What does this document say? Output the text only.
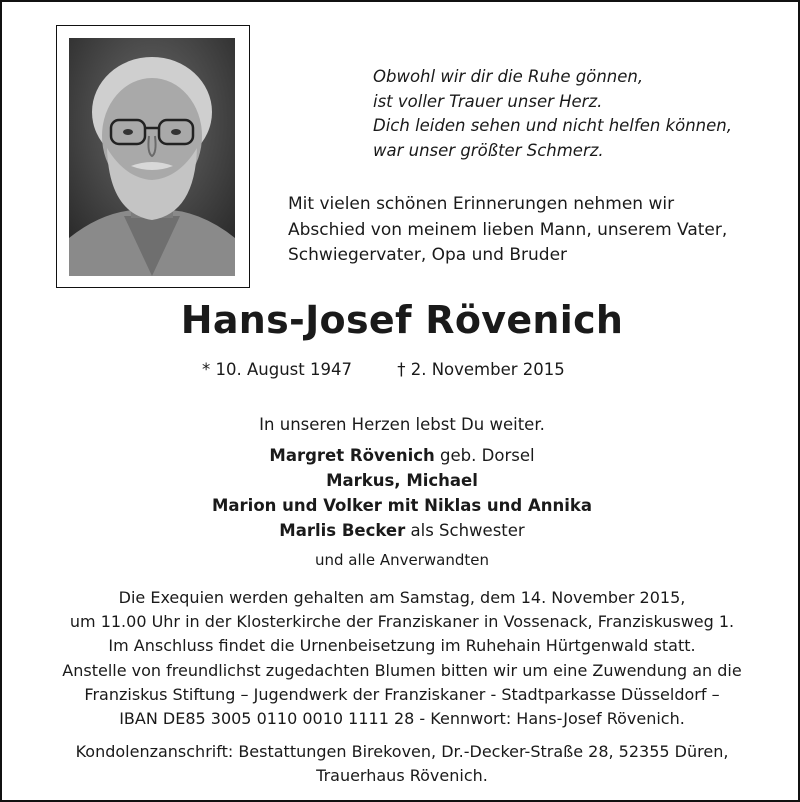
Obwohl wir dir die Ruhe gönnen,
ist voller Trauer unser Herz.
Dich leiden sehen und nicht helfen können,
war unser größter Schmerz.
Mit vielen schönen Erinnerungen nehmen wir
Abschied von meinem lieben Mann, unserem Vater,
Schwiegervater, Opa und Bruder
Hans-Josef Rövenich
* 10. August 1947	† 2. November 2015
In unseren Herzen lebst Du weiter.
Margret Rövenich geb. Dorsel
Markus, Michael
Marion und Volker mit Niklas und Annika
Marlis Becker als Schwester
und alle Anverwandten
Die Exequien werden gehalten am Samstag, dem 14. November 2015,
um 11.00 Uhr in der Klosterkirche der Franziskaner in Vossenack, Franziskusweg 1.
Im Anschluss findet die Urnenbeisetzung im Ruhehain Hürtgenwald statt.
Anstelle von freundlichst zugedachten Blumen bitten wir um eine Zuwendung an die
Franziskus Stiftung – Jugendwerk der Franziskaner - Stadtparkasse Düsseldorf –
IBAN DE85 3005 0110 0010 1111 28 - Kennwort: Hans-Josef Rövenich.
Kondolenzanschrift: Bestattungen Birekoven, Dr.-Decker-Straße 28, 52355 Düren,
Trauerhaus Rövenich.
